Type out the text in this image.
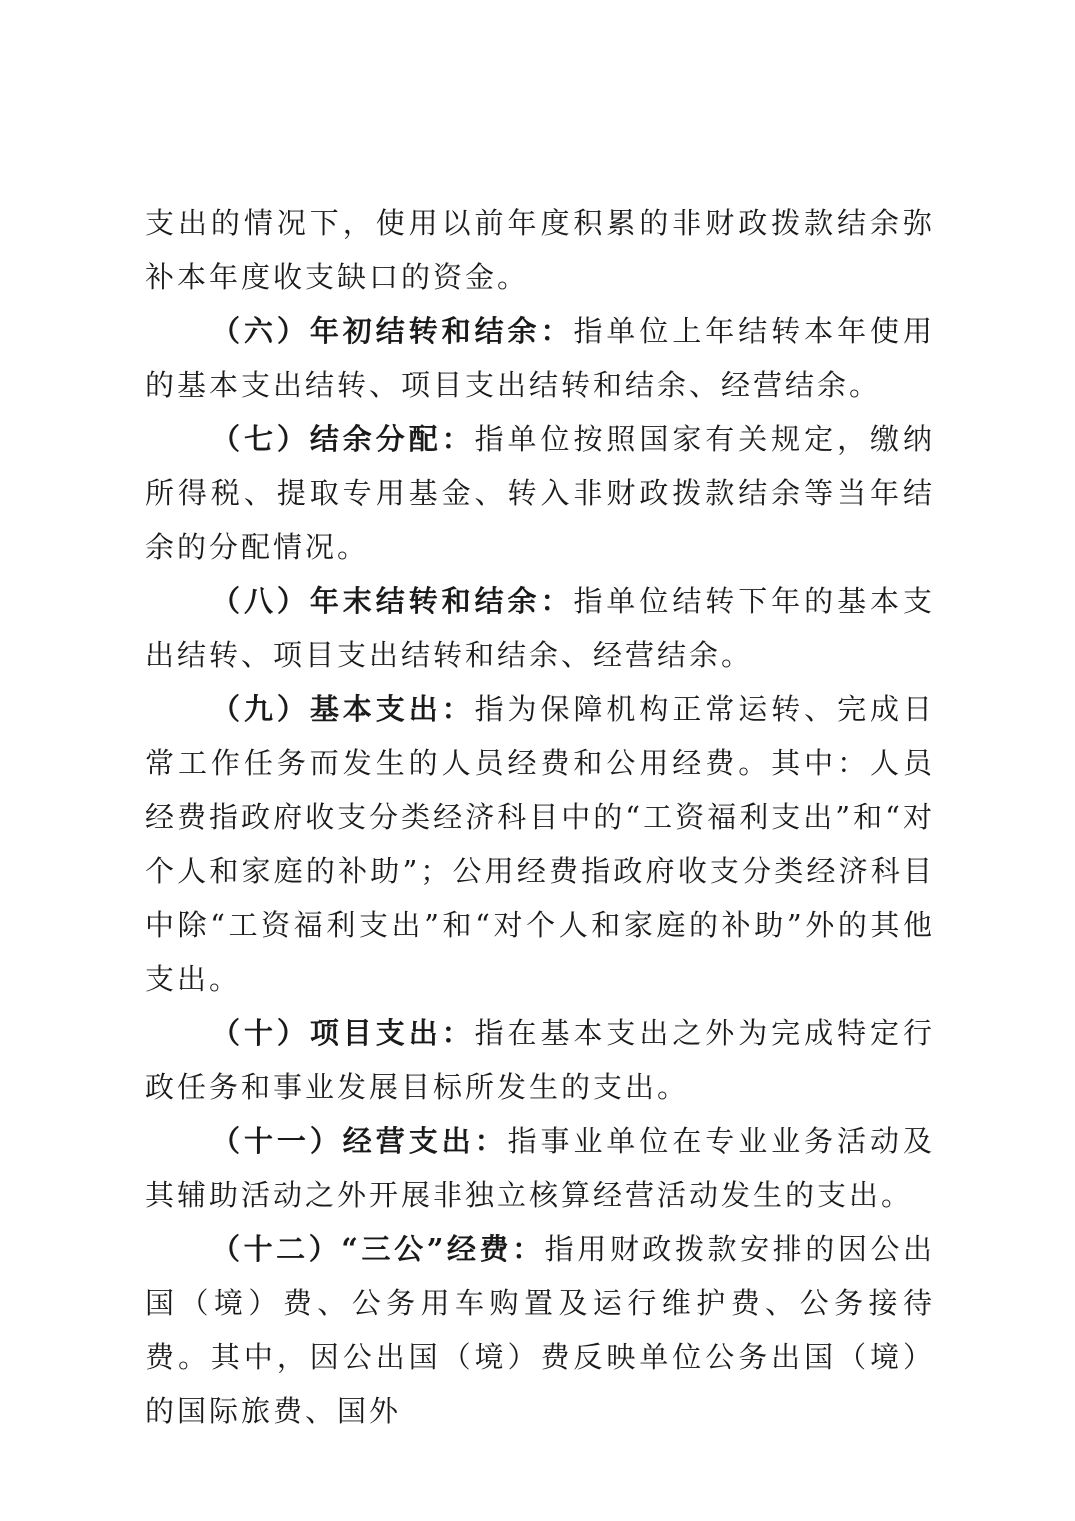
支出的情况下，使用以前年度积累的非财政拨款结余弥补本年度收支缺口的资金。

（六）年初结转和结余：指单位上年结转本年使用的基本支出结转、项目支出结转和结余、经营结余。

（七）结余分配：指单位按照国家有关规定，缴纳所得税、提取专用基金、转入非财政拨款结余等当年结余的分配情况。

（八）年末结转和结余：指单位结转下年的基本支出结转、项目支出结转和结余、经营结余。

（九）基本支出：指为保障机构正常运转、完成日常工作任务而发生的人员经费和公用经费。其中：人员经费指政府收支分类经济科目中的“工资福利支出”和“对个人和家庭的补助”；公用经费指政府收支分类经济科目中除“工资福利支出”和“对个人和家庭的补助”外的其他支出。

（十）项目支出：指在基本支出之外为完成特定行政任务和事业发展目标所发生的支出。

（十一）经营支出：指事业单位在专业业务活动及其辅助活动之外开展非独立核算经营活动发生的支出。

（十二）“三公”经费：指用财政拨款安排的因公出国（境）费、公务用车购置及运行维护费、公务接待费。其中，因公出国（境）费反映单位公务出国（境）的国际旅费、国外
